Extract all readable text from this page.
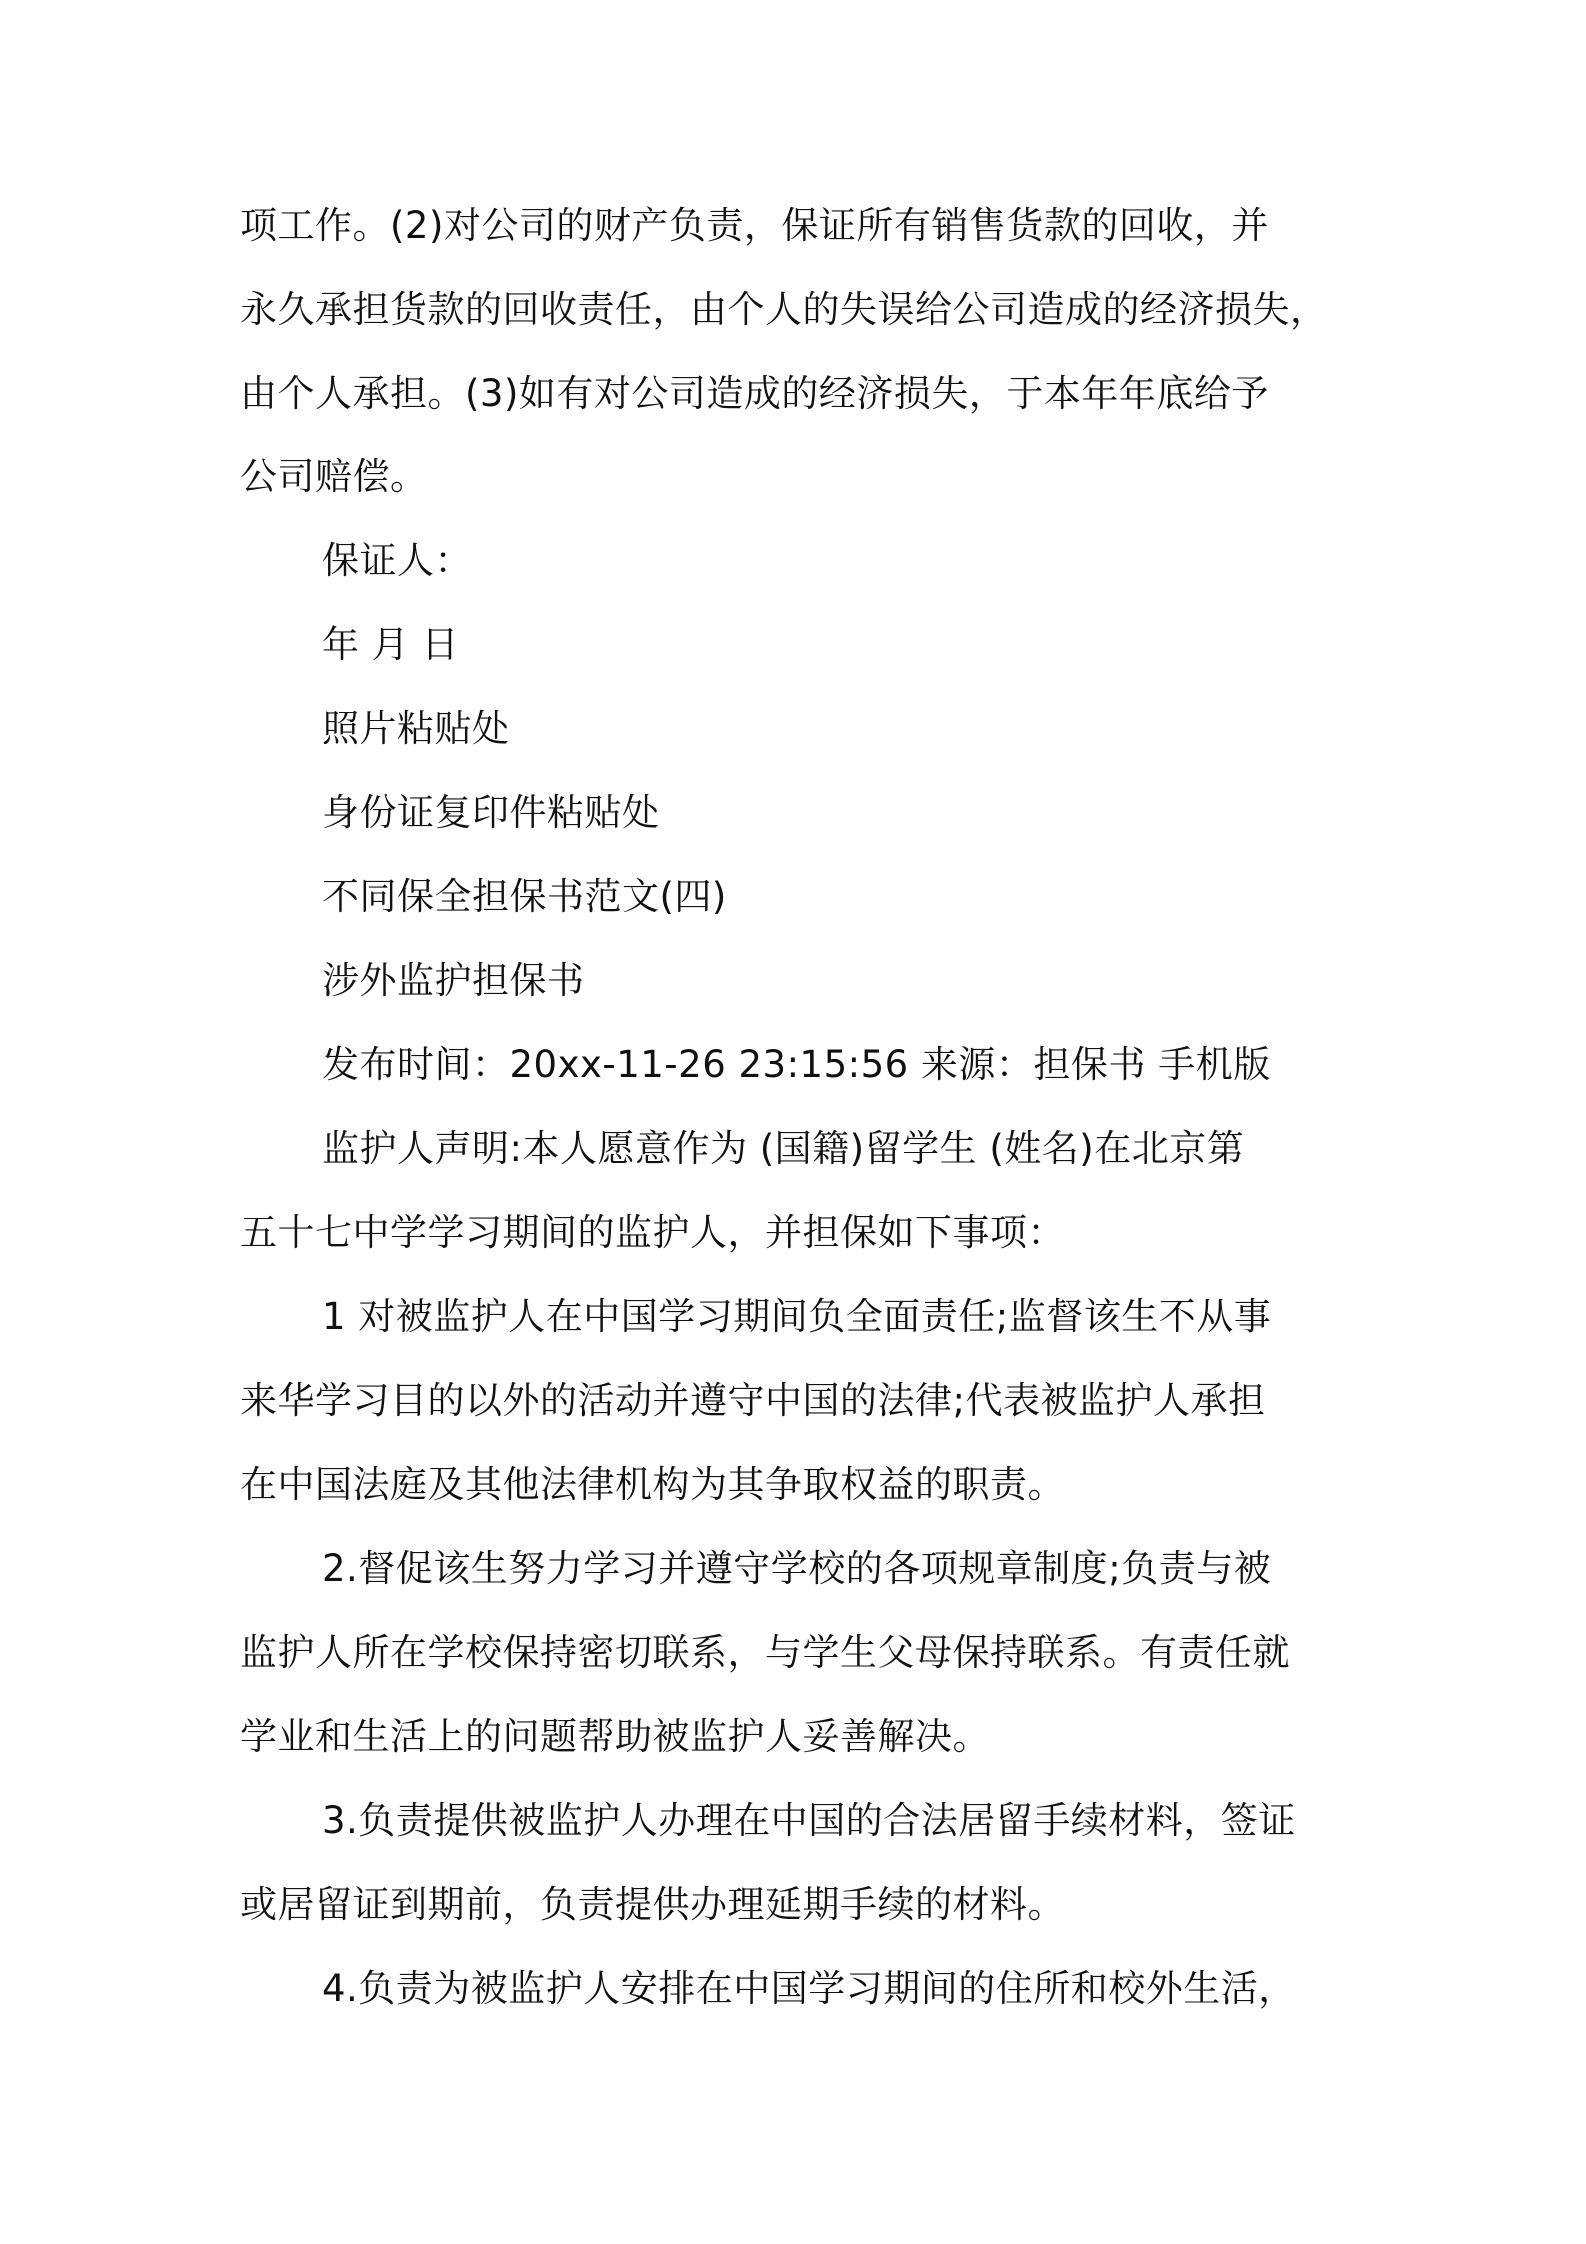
项工作。(2)对公司的财产负责，保证所有销售货款的回收，并

永久承担货款的回收责任，由个人的失误给公司造成的经济损失，

由个人承担。(3)如有对公司造成的经济损失，于本年年底给予

公司赔偿。

保证人：

年 月 日

照片粘贴处

身份证复印件粘贴处

不同保全担保书范文(四)

涉外监护担保书

发布时间：20xx-11-26 23:15:56 来源：担保书 手机版

监护人声明:本人愿意作为 (国籍)留学生 (姓名)在北京第

五十七中学学习期间的监护人，并担保如下事项：

1 对被监护人在中国学习期间负全面责任;监督该生不从事

来华学习目的以外的活动并遵守中国的法律;代表被监护人承担

在中国法庭及其他法律机构为其争取权益的职责。

2.督促该生努力学习并遵守学校的各项规章制度;负责与被

监护人所在学校保持密切联系，与学生父母保持联系。有责任就

学业和生活上的问题帮助被监护人妥善解决。

3.负责提供被监护人办理在中国的合法居留手续材料，签证

或居留证到期前，负责提供办理延期手续的材料。

4.负责为被监护人安排在中国学习期间的住所和校外生活，
